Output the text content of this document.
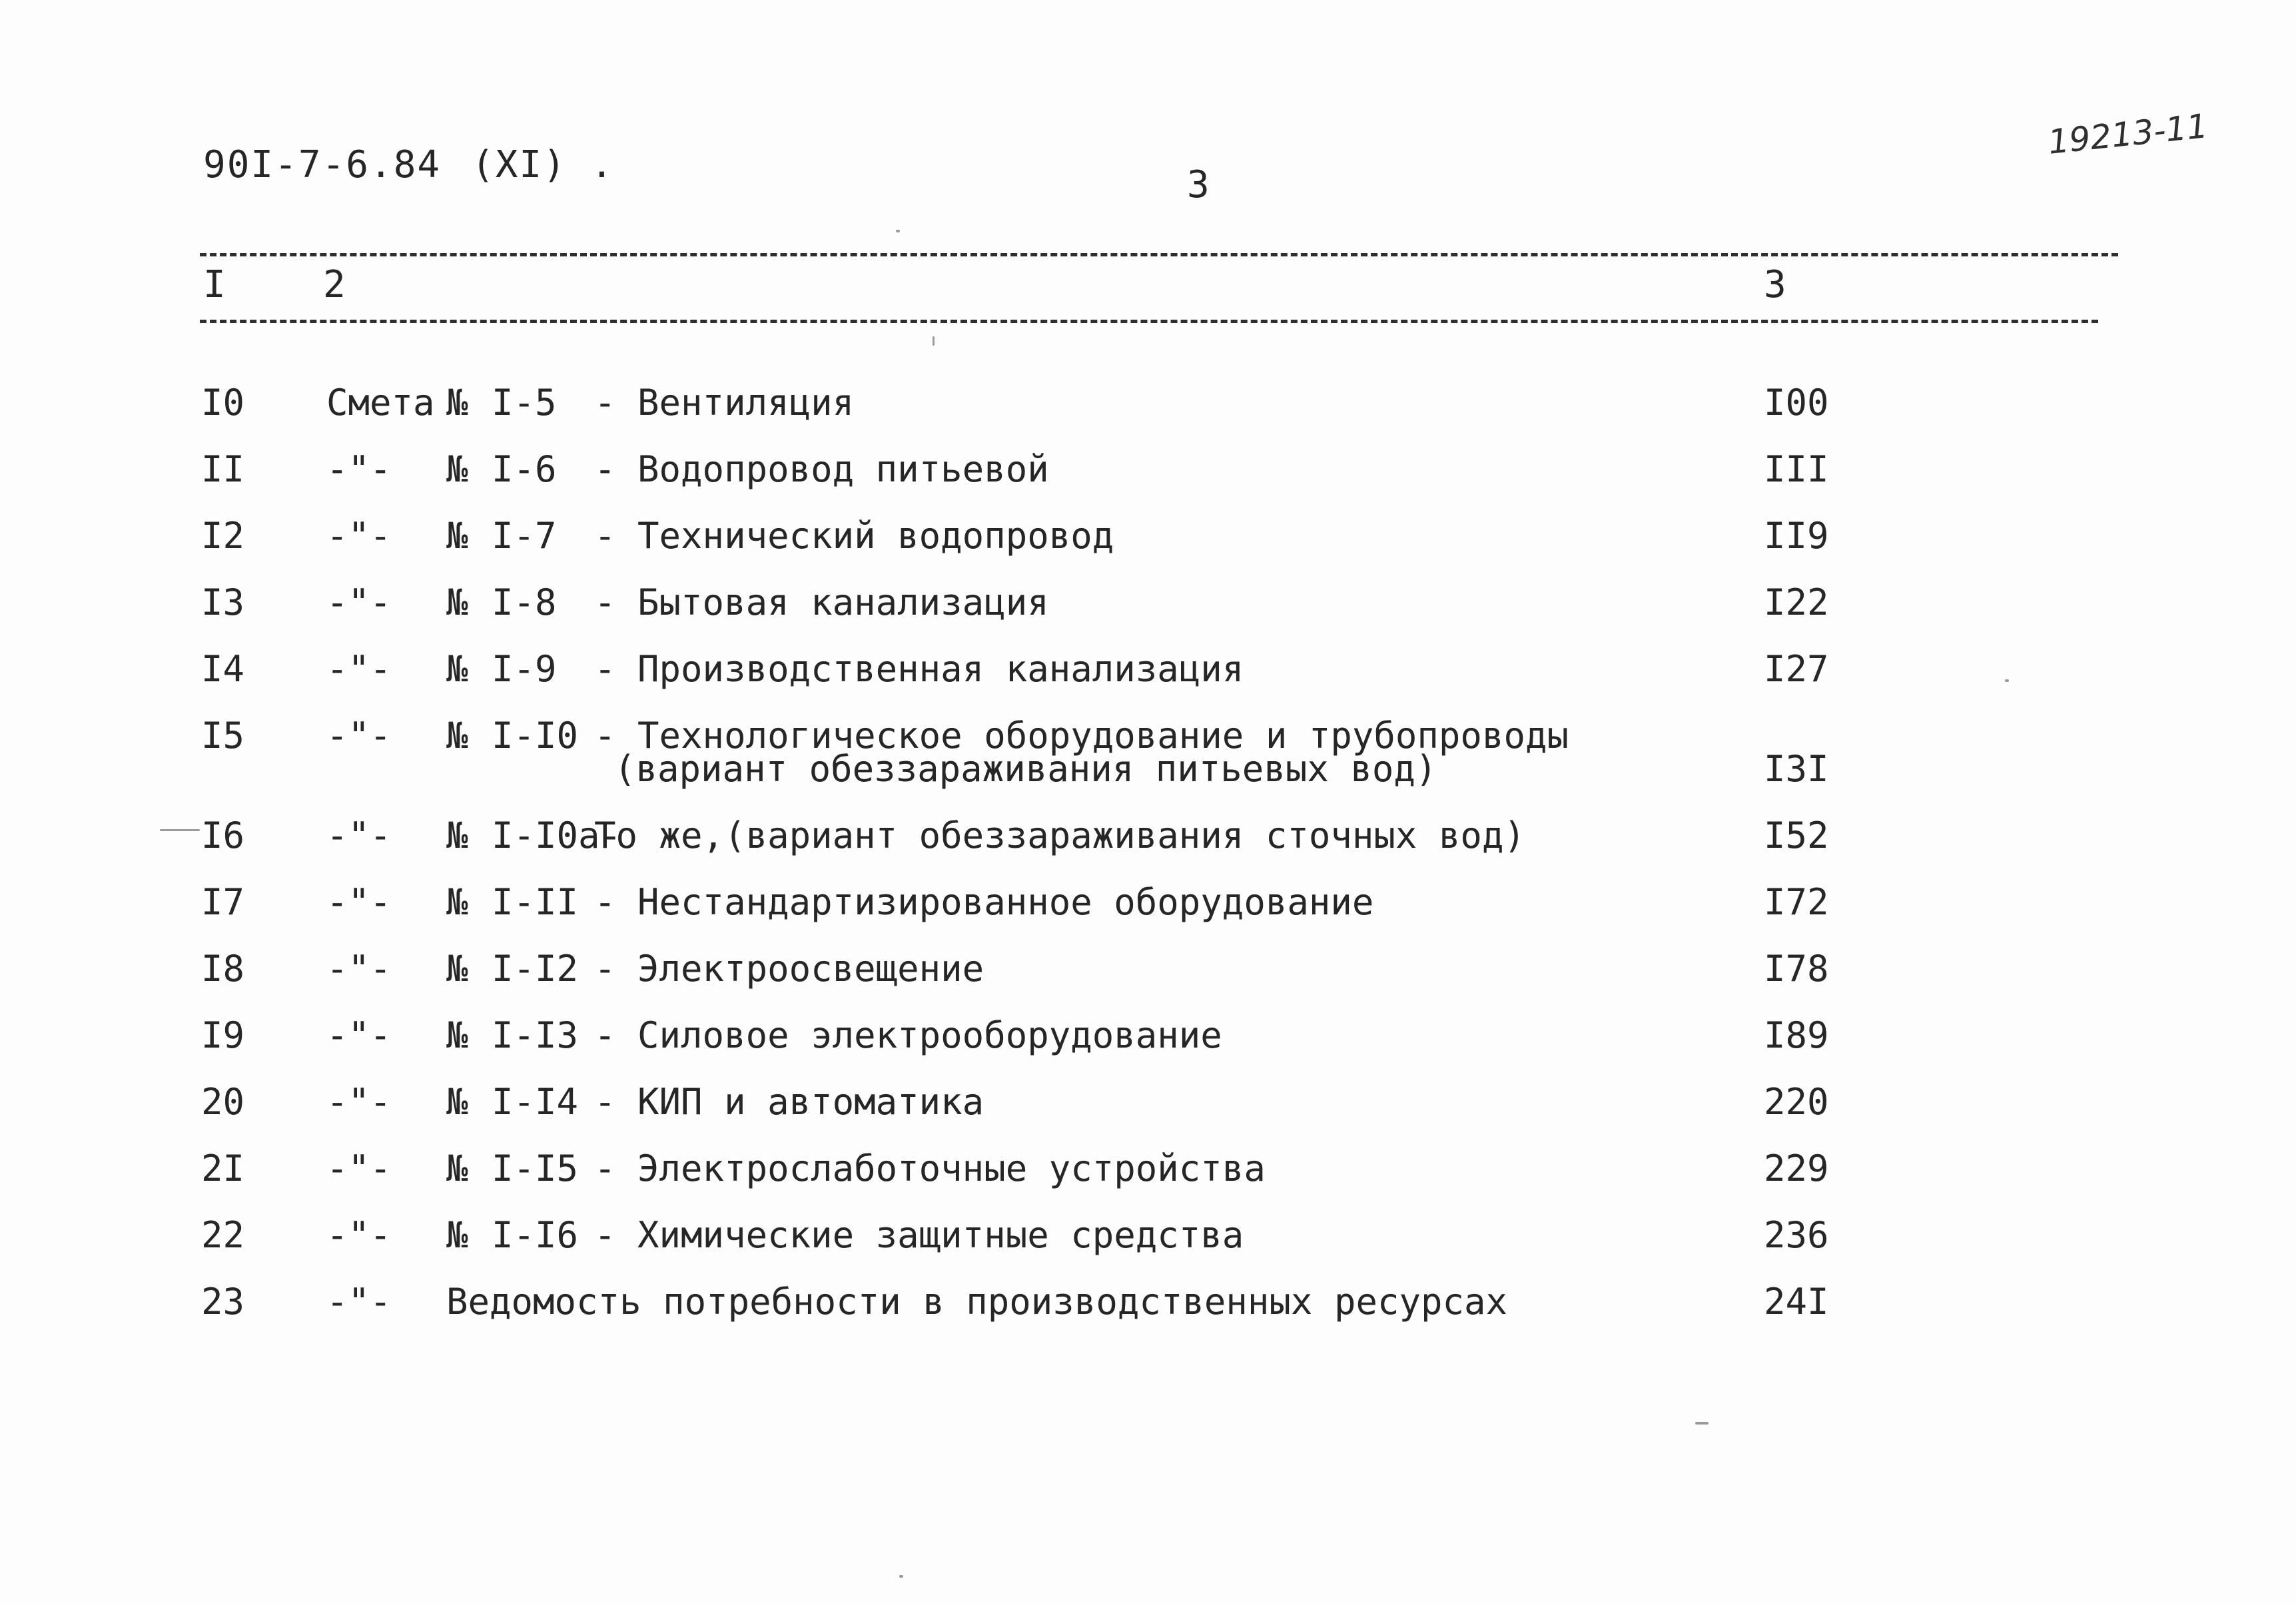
90I-7-6.84 (XI) .	3
19213-11
I	2	3
I0 Смета № I-5 - Вентиляция	I00
II -"- № I-6 - Водопровод питьевой	III
I2 -"- № I-7 - Технический водопровод	II9
I3 -"- № I-8 - Бытовая канализация	I22
I4 -"- № I-9 - Производственная канализация	I27
I5 -"- № I-I0 - Технологическое оборудование и трубопроводы
(вариант обеззараживания питьевых вод)	I3I
I6 -"- № I-I0а-
То же,(вариант обеззараживания сточных вод)	I52
I7 -"- № I-II - Нестандартизированное оборудование	I72
I8 -"- № I-I2 - Электроосвещение	I78
I9 -"- № I-I3 - Силовое электрооборудование	I89
20 -"- № I-I4 - КИП и автоматика	220
2I -"- № I-I5 - Электрослаботочные устройства	229
22 -"- № I-I6 - Химические защитные средства	236
23 -"- Ведомость потребности в производственных ресурсах	24I
